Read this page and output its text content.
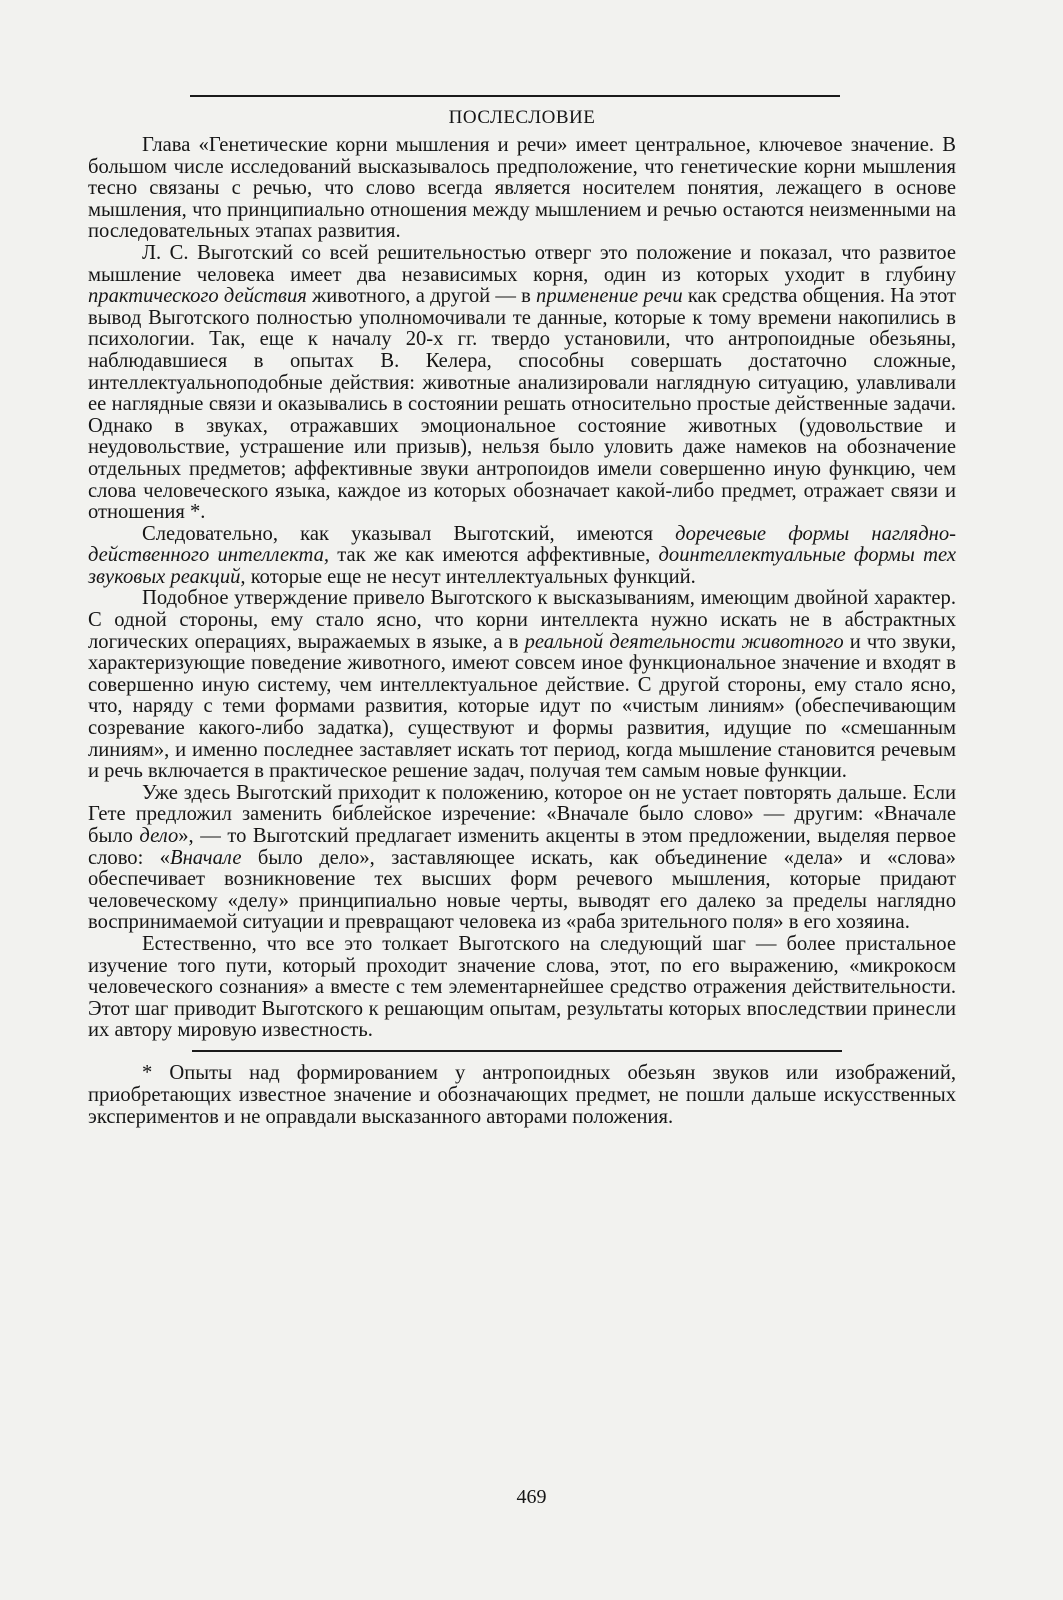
ПОСЛЕСЛОВИЕ

Глава «Генетические корни мышления и речи» имеет центральное, ключевое значение. В большом числе исследований высказывалось предположение, что генетические корни мышления тесно связаны с речью, что слово всегда является носителем понятия, лежащего в основе мышления, что принципиально отношения между мышлением и речью остаются неизменными на последовательных этапах развития.

Л. С. Выготский со всей решительностью отверг это положение и показал, что развитое мышление человека имеет два независимых корня, один из которых уходит в глубину практического действия животного, а другой — в применение речи как средства общения. На этот вывод Выготского полностью уполномочивали те данные, которые к тому времени накопились в психологии. Так, еще к началу 20-х гг. твердо установили, что антропоидные обезьяны, наблюдавшиеся в опытах В. Келера, способны совершать достаточно сложные, интеллектуальноподобные действия: животные анализировали наглядную ситуацию, улавливали ее наглядные связи и оказывались в состоянии решать относительно простые действенные задачи. Однако в звуках, отражавших эмоциональное состояние животных (удовольствие и неудовольствие, устрашение или призыв), нельзя было уловить даже намеков на обозначение отдельных предметов; аффективные звуки антропоидов имели совершенно иную функцию, чем слова человеческого языка, каждое из которых обозначает какой-либо предмет, отражает связи и отношения *.

Следовательно, как указывал Выготский, имеются доречевые формы наглядно-действенного интеллекта, так же как имеются аффективные, доинтеллектуальные формы тех звуковых реакций, которые еще не несут интеллектуальных функций.

Подобное утверждение привело Выготского к высказываниям, имеющим двойной характер. С одной стороны, ему стало ясно, что корни интеллекта нужно искать не в абстрактных логических операциях, выражаемых в языке, а в реальной деятельности животного и что звуки, характеризующие поведение животного, имеют совсем иное функциональное значение и входят в совершенно иную систему, чем интеллектуальное действие. С другой стороны, ему стало ясно, что, наряду с теми формами развития, которые идут по «чистым линиям» (обеспечивающим созревание какого-либо задатка), существуют и формы развития, идущие по «смешанным линиям», и именно последнее заставляет искать тот период, когда мышление становится речевым и речь включается в практическое решение задач, получая тем самым новые функции.

Уже здесь Выготский приходит к положению, которое он не устает повторять дальше. Если Гете предложил заменить библейское изречение: «Вначале было слово» — другим: «Вначале было дело», — то Выготский предлагает изменить акценты в этом предложении, выделяя первое слово: «Вначале было дело», заставляющее искать, как объединение «дела» и «слова» обеспечивает возникновение тех высших форм речевого мышления, которые придают человеческому «делу» принципиально новые черты, выводят его далеко за пределы наглядно воспринимаемой ситуации и превращают человека из «раба зрительного поля» в его хозяина.

Естественно, что все это толкает Выготского на следующий шаг — более пристальное изучение того пути, который проходит значение слова, этот, по его выражению, «микрокосм человеческого сознания» а вместе с тем элементарнейшее средство отражения действительности. Этот шаг приводит Выготского к решающим опытам, результаты которых впоследствии принесли их автору мировую известность.

* Опыты над формированием у антропоидных обезьян звуков или изображений, приобретающих известное значение и обозначающих предмет, не пошли дальше искусственных экспериментов и не оправдали высказанного авторами положения.

469
